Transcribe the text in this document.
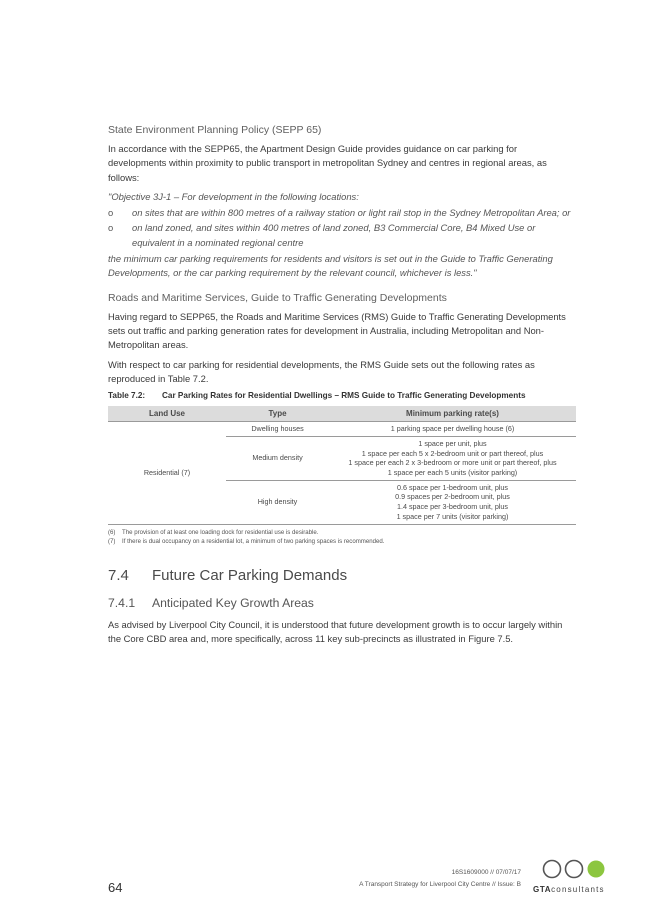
State Environment Planning Policy (SEPP 65)

In accordance with the SEPP65, the Apartment Design Guide provides guidance on car parking for developments within proximity to public transport in metropolitan Sydney and centres in regional areas, as follows:

"Objective 3J-1 – For development in the following locations:

o on sites that are within 800 metres of a railway station or light rail stop in the Sydney Metropolitan Area; or
o on land zoned, and sites within 400 metres of land zoned, B3 Commercial Core, B4 Mixed Use or equivalent in a nominated regional centre

the minimum car parking requirements for residents and visitors is set out in the Guide to Traffic Generating Developments, or the car parking requirement by the relevant council, whichever is less."

Roads and Maritime Services, Guide to Traffic Generating Developments

Having regard to SEPP65, the Roads and Maritime Services (RMS) Guide to Traffic Generating Developments sets out traffic and parking generation rates for development in Australia, including Metropolitan and Non-Metropolitan areas.

With respect to car parking for residential developments, the RMS Guide sets out the following rates as reproduced in Table 7.2.

Table 7.2: Car Parking Rates for Residential Dwellings – RMS Guide to Traffic Generating Developments
Land Use	Type	Minimum parking rate(s)
Residential (7)	Dwelling houses	1 parking space per dwelling house (6)

	Medium density	1 space per unit, plus
1 space per each 5 x 2-bedroom unit or part thereof, plus
1 space per each 2 x 3-bedroom or more unit or part thereof, plus
1 space per each 5 units (visitor parking)

	High density	0.6 space per 1-bedroom unit, plus
0.9 spaces per 2-bedroom unit, plus
1.4 space per 3-bedroom unit, plus
1 space per 7 units (visitor parking)
(6) The provision of at least one loading dock for residential use is desirable.
(7) If there is dual occupancy on a residential lot, a minimum of two parking spaces is recommended.
7.4 Future Car Parking Demands
7.4.1 Anticipated Key Growth Areas

As advised by Liverpool City Council, it is understood that future development growth is to occur largely within the Core CBD area and, more specifically, across 11 key sub-precincts as illustrated in Figure 7.5.

64
16S1609000 // 07/07/17
A Transport Strategy for Liverpool City Centre // Issue: B
GTAconsultants
